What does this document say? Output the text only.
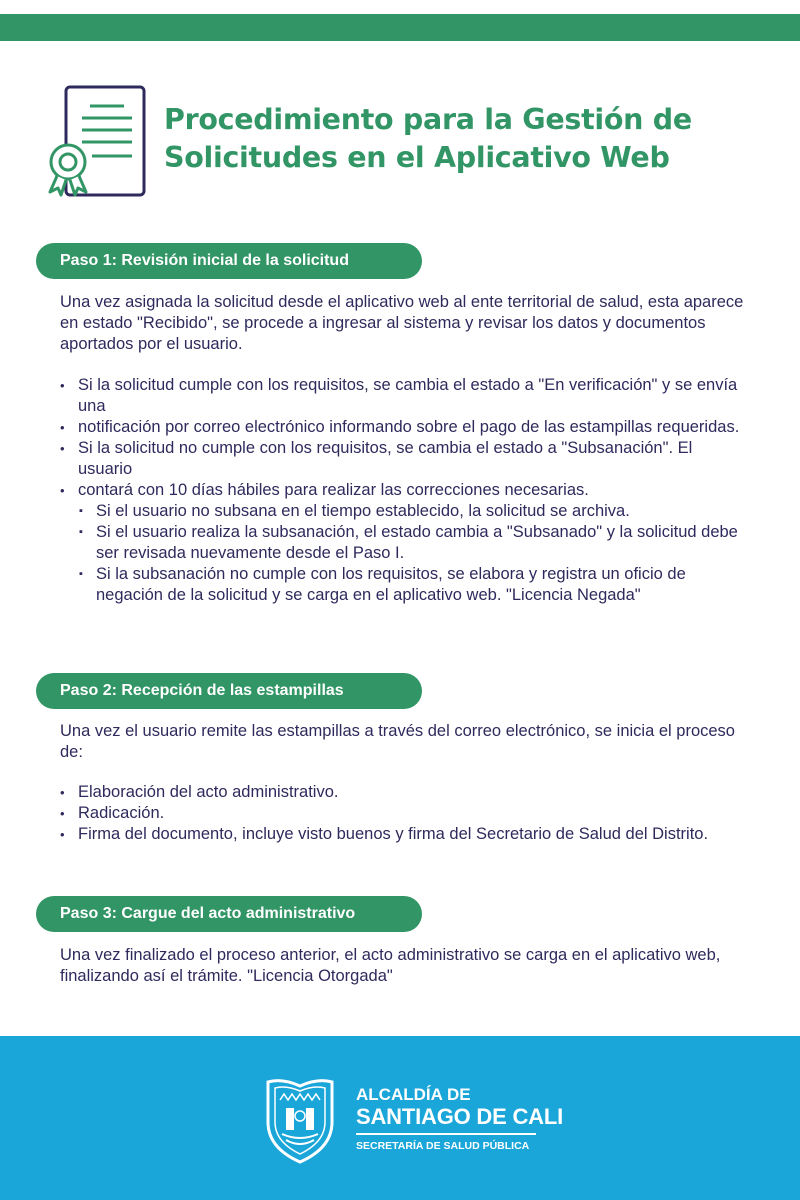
Procedimiento para la Gestión de
Solicitudes en el Aplicativo Web
Paso 1: Revisión inicial de la solicitud
Una vez asignada la solicitud desde el aplicativo web al ente territorial de salud, esta aparece en estado "Recibido", se procede a ingresar al sistema y revisar los datos y documentos aportados por el usuario.
• Si la solicitud cumple con los requisitos, se cambia el estado a "En verificación" y se envía una
• notificación por correo electrónico informando sobre el pago de las estampillas requeridas.
• Si la solicitud no cumple con los requisitos, se cambia el estado a "Subsanación". El usuario
• contará con 10 días hábiles para realizar las correcciones necesarias.
▪ Si el usuario no subsana en el tiempo establecido, la solicitud se archiva.
▪ Si el usuario realiza la subsanación, el estado cambia a "Subsanado" y la solicitud debe ser revisada nuevamente desde el Paso I.
▪ Si la subsanación no cumple con los requisitos, se elabora y registra un oficio de negación de la solicitud y se carga en el aplicativo web. "Licencia Negada"
Paso 2: Recepción de las estampillas
Una vez el usuario remite las estampillas a través del correo electrónico, se inicia el proceso de:
• Elaboración del acto administrativo.
• Radicación.
• Firma del documento, incluye visto buenos y firma del Secretario de Salud del Distrito.
Paso 3: Cargue del acto administrativo
Una vez finalizado el proceso anterior, el acto administrativo se carga en el aplicativo web, finalizando así el trámite. "Licencia Otorgada"
ALCALDÍA DE
SANTIAGO DE CALI
SECRETARÍA DE SALUD PÚBLICA
